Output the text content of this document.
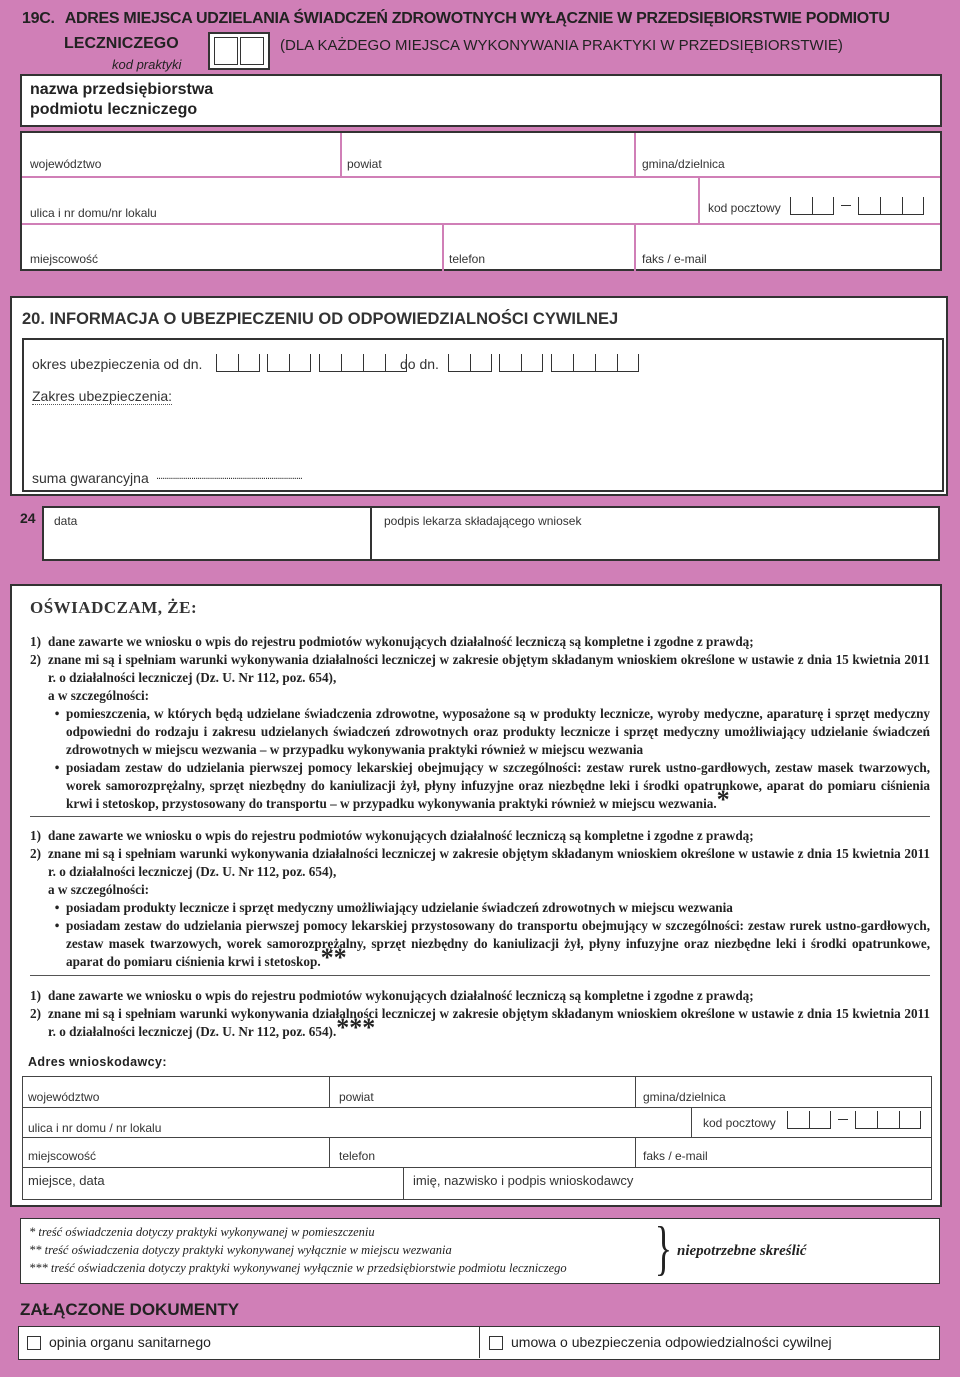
19C. ADRES MIEJSCA UDZIELANIA ŚWIADCZEŃ ZDROWOTNYCH WYŁĄCZNIE W PRZEDSIĘBIORSTWIE PODMIOTU
LECZNICZEGO	(DLA KAŻDEGO MIEJSCA WYKONYWANIA PRAKTYKI W PRZEDSIĘBIORSTWIE)
kod praktyki
nazwa przedsiębiorstwa
podmiotu leczniczego
województwo	powiat	gmina/dzielnica
ulica i nr domu/nr lokalu	kod pocztowy

miejscowość	telefon	faks / e-mail
20. INFORMACJA O UBEZPIECZENIU OD ODPOWIEDZIALNOŚCI CYWILNEJ
okres ubezpieczenia od dn.
	do dn.

Zakres ubezpieczenia:
suma gwarancyjna .......................................................................
24 data	podpis lekarza składającego wniosek
OŚWIADCZAM, ŻE:
1) dane zawarte we wniosku o wpis do rejestru podmiotów wykonujących działalność leczniczą są kompletne i zgodne z prawdą;
2) znane mi są i spełniam warunki wykonywania działalności leczniczej w zakresie objętym składanym wnioskiem określone w ustawie z dnia 15 kwietnia 2011 r. o działalności leczniczej (Dz. U. Nr 112, poz. 654),
a w szczególności:
• pomieszczenia, w których będą udzielane świadczenia zdrowotne, wyposażone są w produkty lecznicze, wyroby medyczne, aparaturę i sprzęt medyczny odpowiedni do rodzaju i zakresu udzielanych świadczeń zdrowotnych oraz produkty lecznicze i sprzęt medyczny umożliwiający udzielanie świadczeń zdrowotnych w miejscu wezwania – w przypadku wykonywania praktyki również w miejscu wezwania
• posiadam zestaw do udzielania pierwszej pomocy lekarskiej obejmujący w szczególności: zestaw rurek ustno-gardłowych, zestaw masek twarzowych, worek samorozprężalny, sprzęt niezbędny do kaniulizacji żył, płyny infuzyjne oraz niezbędne leki i środki opatrunkowe, aparat do pomiaru ciśnienia krwi i stetoskop, przystosowany do transportu – w przypadku wykonywania praktyki również w miejscu wezwania.*
1) dane zawarte we wniosku o wpis do rejestru podmiotów wykonujących działalność leczniczą są kompletne i zgodne z prawdą;
2) znane mi są i spełniam warunki wykonywania działalności leczniczej w zakresie objętym składanym wnioskiem określone w ustawie z dnia 15 kwietnia 2011 r. o działalności leczniczej (Dz. U. Nr 112, poz. 654),
a w szczególności:
• posiadam produkty lecznicze i sprzęt medyczny umożliwiający udzielanie świadczeń zdrowotnych w miejscu wezwania
• posiadam zestaw do udzielania pierwszej pomocy lekarskiej przystosowany do transportu obejmujący w szczególności: zestaw rurek ustno-gardłowych, zestaw masek twarzowych, worek samorozprężalny, sprzęt niezbędny do kaniulizacji żył, płyny infuzyjne oraz niezbędne leki i środki opatrunkowe, aparat do pomiaru ciśnienia krwi i stetoskop.**
1) dane zawarte we wniosku o wpis do rejestru podmiotów wykonujących działalność leczniczą są kompletne i zgodne z prawdą;
2) znane mi są i spełniam warunki wykonywania działalności leczniczej w zakresie objętym składanym wnioskiem określone w ustawie z dnia 15 kwietnia 2011 r. o działalności leczniczej (Dz. U. Nr 112, poz. 654).***
Adres wnioskodawcy:
województwo	powiat	gmina/dzielnica
ulica i nr domu / nr lokalu	kod pocztowy

miejscowość	telefon	faks / e-mail
miejsce, data	imię, nazwisko i podpis wnioskodawcy
* treść oświadczenia dotyczy praktyki wykonywanej w pomieszczeniu
** treść oświadczenia dotyczy praktyki wykonywanej wyłącznie w miejscu wezwania
*** treść oświadczenia dotyczy praktyki wykonywanej wyłącznie w przedsiębiorstwie podmiotu leczniczego } niepotrzebne skreślić
ZAŁĄCZONE DOKUMENTY
opinia organu sanitarnego	umowa o ubezpieczenia odpowiedzialności cywilnej
